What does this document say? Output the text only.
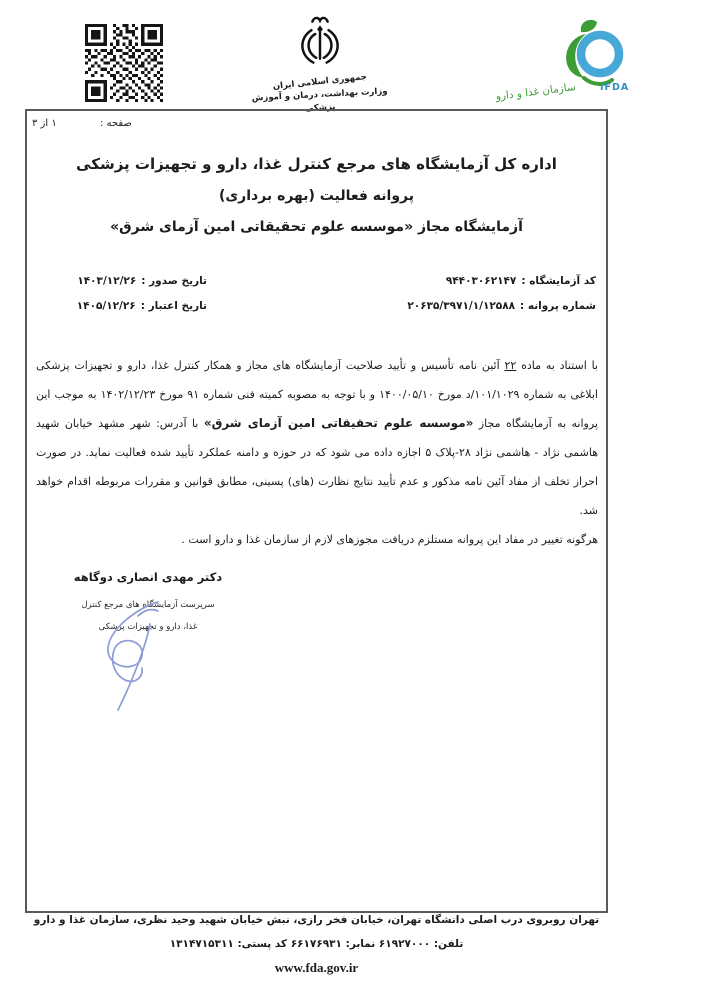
جمهوری اسلامی ایران
وزارت بهداشت، درمان و آموزش پزشکی
سازمان غذا و دارو IFDA
صفحه :
۱ از ۳
اداره کل آزمایشگاه های مرجع کنترل غذا، دارو و تجهیزات پزشکی
پروانه فعالیت (بهره برداری)
آزمایشگاه مجاز «موسسه علوم تحقیقاتی امین آزمای شرق»
کد آزمایشگاه :۹۴۴۰۳۰۶۲۱۴۷
شماره پروانه :۲۰۶۳۵/۳۹۷۱/۱/۱۲۵۸۸
تاریخ صدور :۱۴۰۳/۱۲/۲۶
تاریخ اعتبار :۱۴۰۵/۱۲/۲۶

با استناد به ماده ۲۲ آئین نامه تأسیس و تأیید صلاحیت آزمایشگاه های مجاز و همکار کنترل غذا، دارو و تجهیزات پزشکی ابلاغی به شماره ۱۰۱/۱۰۲۹/د مورخ ۱۴۰۰/۰۵/۱۰ و با توجه به مصوبه کمیته فنی شماره ۹۱ مورخ ۱۴۰۲/۱۲/۲۳ به موجب این پروانه به آزمایشگاه مجاز «موسسه علوم تحقیقاتی امین آزمای شرق» با آدرس: شهر مشهد خیابان شهید هاشمی نژاد - هاشمی نژاد ۲۸-پلاک ۵ اجازه داده می شود که در حوزه و دامنه عملکرد تأیید شده فعالیت نماید. در صورت احراز تخلف از مفاد آئین نامه مذکور و عدم تأیید نتایج نظارت (های) پسینی، مطابق قوانین و مقررات مربوطه اقدام خواهد شد.

هرگونه تغییر در مفاد این پروانه مستلزم دریافت مجوزهای لازم از سازمان غذا و دارو است .

دکتر مهدی انصاری دوگاهه
سرپرست آزمایشگاه های مرجع کنترل
غذا، دارو و تجهیزات پزشکی
تهران روبروی درب اصلی دانشگاه تهران، خیابان فخر رازی، نبش خیابان شهید وحید نظری، سازمان غذا و دارو
تلفن: ۶۱۹۲۷۰۰۰ نمابر: ۶۶۱۷۶۹۳۱ کد پستی: ۱۳۱۴۷۱۵۳۱۱
www.fda.gov.ir
